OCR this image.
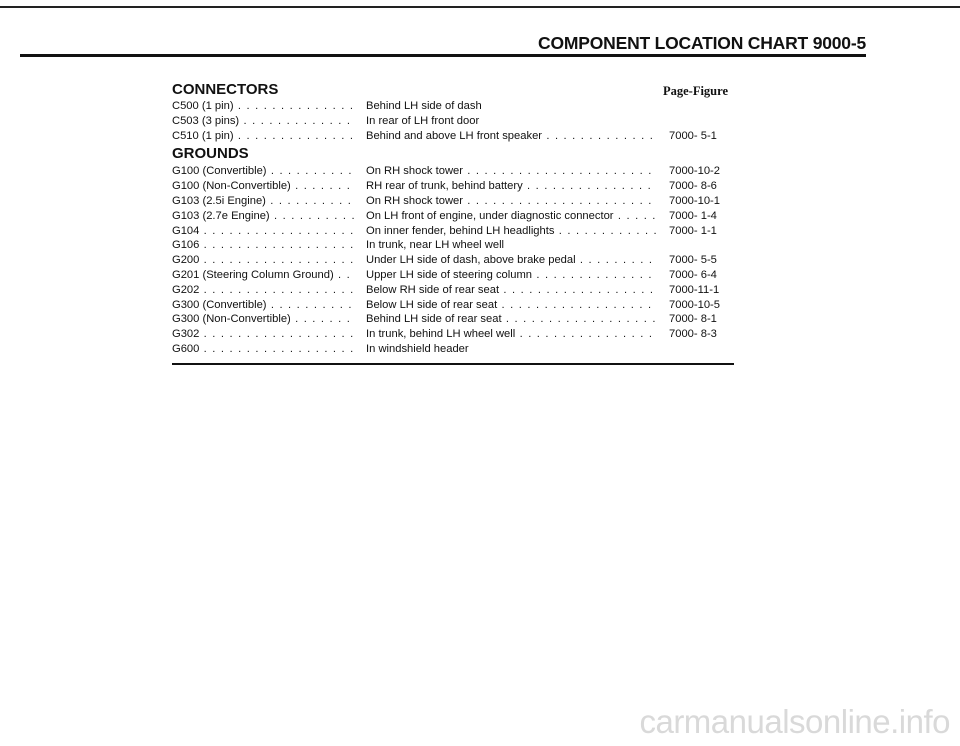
COMPONENT LOCATION CHART 9000-5
CONNECTORS	Page-Figure
C500 (1 pin) . . .	Behind LH side of dash
C503 (3 pins) . . .	In rear of LH front door
C510 (1 pin) . . .	Behind and above LH front speaker . . .	7000- 5-1
GROUNDS
G100 (Convertible) . . .	On RH shock tower . . .	7000-10-2
G100 (Non-Convertible) . . .	RH rear of trunk, behind battery . . .	7000- 8-6
G103 (2.5i Engine) . . .	On RH shock tower . . .	7000-10-1
G103 (2.7e Engine) . . .	On LH front of engine, under diagnostic connector . . .	7000- 1-4
G104 . . .	On inner fender, behind LH headlights . . .	7000- 1-1
G106 . . .	In trunk, near LH wheel well
G200 . . .	Under LH side of dash, above brake pedal . . .	7000- 5-5
G201 (Steering Column Ground) . . .	Upper LH side of steering column . . .	7000- 6-4
G202 . . .	Below RH side of rear seat . . .	7000-11-1
G300 (Convertible) . . .	Below LH side of rear seat . . .	7000-10-5
G300 (Non-Convertible) . . .	Behind LH side of rear seat . . .	7000- 8-1
G302 . . .	In trunk, behind LH wheel well . . .	7000- 8-3
G600 . . .	In windshield header
carmanualsonline.info
